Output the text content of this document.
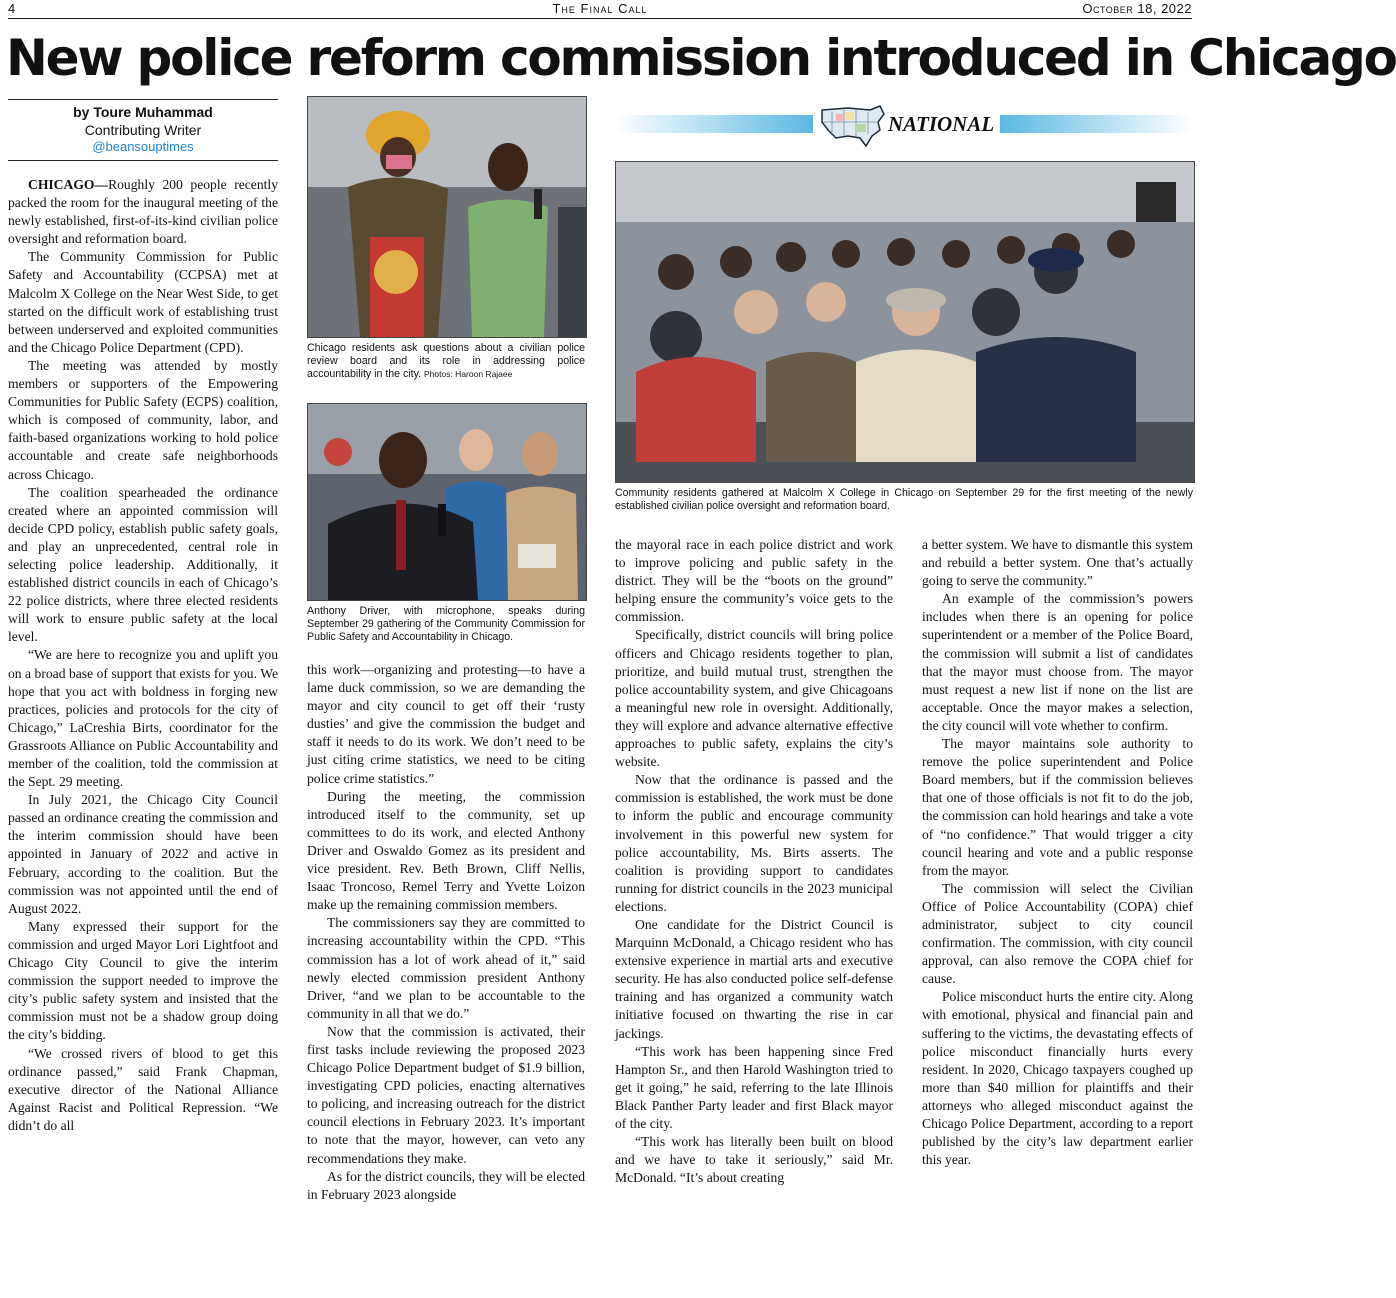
4	The Final Call	October 18, 2022
New police reform commission introduced in Chicago
by Toure Muhammad
Contributing Writer
@beansouptimes

CHICAGO—Roughly 200 people recently packed the room for the inaugural meeting of the newly established, first-of-its-kind civilian police oversight and reformation board.

The Community Commission for Public Safety and Accountability (CCPSA) met at Malcolm X College on the Near West Side, to get started on the difficult work of establishing trust between underserved and exploited communities and the Chicago Police Department (CPD).

The meeting was attended by mostly members or supporters of the Empowering Communities for Public Safety (ECPS) coalition, which is composed of community, labor, and faith-based organizations working to hold police accountable and create safe neighborhoods across Chicago.

The coalition spearheaded the ordinance created where an appointed commission will decide CPD policy, establish public safety goals, and play an unprecedented, central role in selecting police leadership. Additionally, it established district councils in each of Chicago’s 22 police districts, where three elected residents will work to ensure public safety at the local level.

“We are here to recognize you and uplift you on a broad base of support that exists for you. We hope that you act with boldness in forging new practices, policies and protocols for the city of Chicago,” LaCreshia Birts, coordinator for the Grassroots Alliance on Public Accountability and member of the coalition, told the commission at the Sept. 29 meeting.

In July 2021, the Chicago City Council passed an ordinance creating the commission and the interim commission should have been appointed in January of 2022 and active in February, according to the coalition. But the commission was not appointed until the end of August 2022.

Many expressed their support for the commission and urged Mayor Lori Lightfoot and Chicago City Council to give the interim commission the support needed to improve the city’s public safety system and insisted that the commission must not be a shadow group doing the city’s bidding.

“We crossed rivers of blood to get this ordinance passed,” said Frank Chapman, executive director of the National Alliance Against Racist and Political Repression. “We didn’t do all

Chicago residents ask questions about a civilian police review board and its role in addressing police accountability in the city. Photos: Haroon Rajaee
Anthony Driver, with microphone, speaks during September 29 gathering of the Community Commission for Public Safety and Accountability in Chicago.

this work—organizing and protesting—to have a lame duck commission, so we are demanding the mayor and city council to get off their ‘rusty dusties’ and give the commission the budget and staff it needs to do its work. We don’t need to be just citing crime statistics, we need to be citing police crime statistics.”

During the meeting, the commission introduced itself to the community, set up committees to do its work, and elected Anthony Driver and Oswaldo Gomez as its president and vice president. Rev. Beth Brown, Cliff Nellis, Isaac Troncoso, Remel Terry and Yvette Loizon make up the remaining commission members.

The commissioners say they are committed to increasing accountability within the CPD. “This commission has a lot of work ahead of it,” said newly elected commission president Anthony Driver, “and we plan to be accountable to the community in all that we do.”

Now that the commission is activated, their first tasks include reviewing the proposed 2023 Chicago Police Department budget of $1.9 billion, investigating CPD policies, enacting alternatives to policing, and increasing outreach for the district council elections in February 2023. It’s important to note that the mayor, however, can veto any recommendations they make.

As for the district councils, they will be elected in February 2023 alongside

NATIONAL
Community residents gathered at Malcolm X College in Chicago on September 29 for the first meeting of the newly established civilian police oversight and reformation board.

the mayoral race in each police district and work to improve policing and public safety in the district. They will be the “boots on the ground” helping ensure the community’s voice gets to the commission.

Specifically, district councils will bring police officers and Chicago residents together to plan, prioritize, and build mutual trust, strengthen the police accountability system, and give Chicagoans a meaningful new role in oversight. Additionally, they will explore and advance alternative effective approaches to public safety, explains the city’s website.

Now that the ordinance is passed and the commission is established, the work must be done to inform the public and encourage community involvement in this powerful new system for police accountability, Ms. Birts asserts. The coalition is providing support to candidates running for district councils in the 2023 municipal elections.

One candidate for the District Council is Marquinn McDonald, a Chicago resident who has extensive experience in martial arts and executive security. He has also conducted police self-defense training and has organized a community watch initiative focused on thwarting the rise in car jackings.

“This work has been happening since Fred Hampton Sr., and then Harold Washington tried to get it going,” he said, referring to the late Illinois Black Panther Party leader and first Black mayor of the city.

“This work has literally been built on blood and we have to take it seriously,” said Mr. McDonald. “It’s about creating

a better system. We have to dismantle this system and rebuild a better system. One that’s actually going to serve the community.”

An example of the commission’s powers includes when there is an opening for police superintendent or a member of the Police Board, the commission will submit a list of candidates that the mayor must choose from. The mayor must request a new list if none on the list are acceptable. Once the mayor makes a selection, the city council will vote whether to confirm.

The mayor maintains sole authority to remove the police superintendent and Police Board members, but if the commission believes that one of those officials is not fit to do the job, the commission can hold hearings and take a vote of “no confidence.” That would trigger a city council hearing and vote and a public response from the mayor.

The commission will select the Civilian Office of Police Accountability (COPA) chief administrator, subject to city council confirmation. The commission, with city council approval, can also remove the COPA chief for cause.

Police misconduct hurts the entire city. Along with emotional, physical and financial pain and suffering to the victims, the devastating effects of police misconduct financially hurts every resident. In 2020, Chicago taxpayers coughed up more than $40 million for plaintiffs and their attorneys who alleged misconduct against the Chicago Police Department, according to a report published by the city’s law department earlier this year.
